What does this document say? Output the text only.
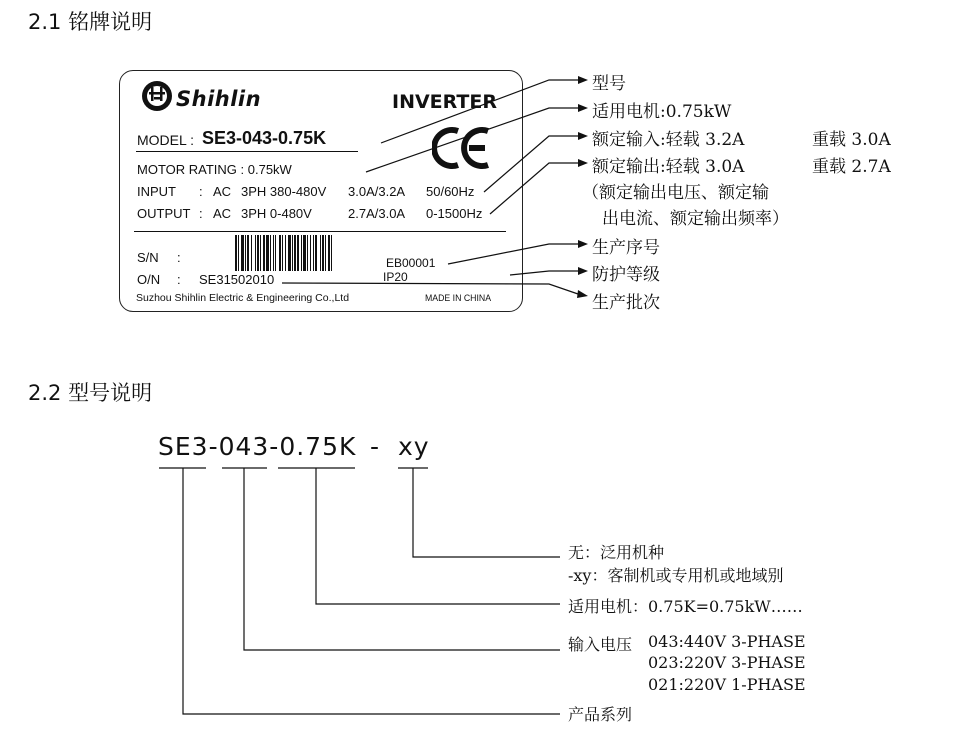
2.1 铭牌说明
Shihlin	INVERTER
MODEL : SE3-043-0.75K
MOTOR RATING : 0.75kW
INPUT : AC 3PH 380-480V 3.0A/3.2A 50/60Hz
OUTPUT : AC 3PH 0-480V	2.7A/3.0A 0-1500Hz
S/N :	EB00001
O/N : SE31502010	IP20
Suzhou Shihlin Electric & Engineering Co.,Ltd	MADE IN CHINA
型号
适用电机:0.75kW
额定输入:轻载 3.2A	重载 3.0A
额定输出:轻载 3.0A	重载 2.7A
（额定输出电压、额定输
出电流、额定输出频率）
生产序号
防护等级
生产批次
2.2 型号说明
SE3-043-0.75K - xy
无：泛用机种
-xy：客制机或专用机或地域别
适用电机：0.75K=0.75kW……
输入电压 043:440V 3-PHASE
023:220V 3-PHASE
021:220V 1-PHASE
产品系列
